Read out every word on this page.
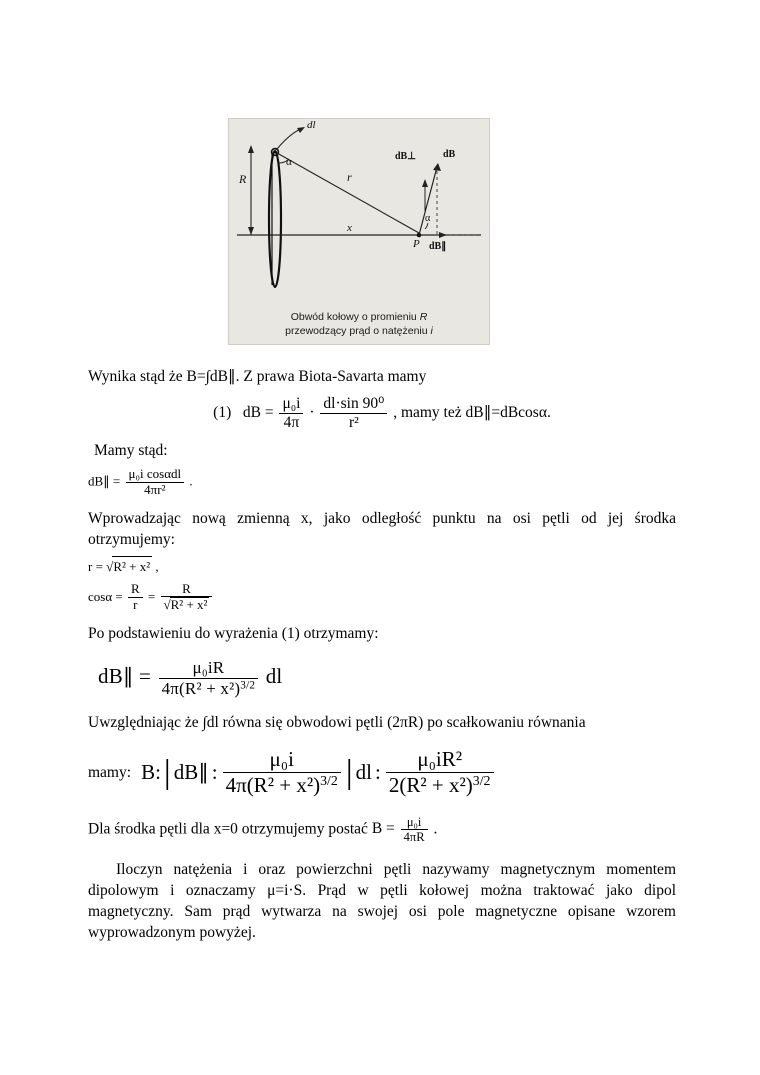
dl
α
R	r
x
P
dB⊥	dB
dB∥
α
Obwód kołowy o promieniu R
przewodzący prąd o natężeniu i

Wynika stąd że B=∫dB∥. Z prawa Biota-Savarta mamy

(1) dB = $\frac{\text{μ₀i}}{4\pi} \cdot \frac{\text{dl·sin 90⁰}}{\text{r²}}$ , mamy też dB∥=dBcosα.

Mamy stąd:

dB∥ = $\frac{\text{μ₀i cosαdl}}{\text{4πr²}}$ .

Wprowadzając nową zmienną x, jako odległość punktu na osi pętli od jej środka otrzymujemy:

r = √R² + x² ,
$\cos\alpha = \frac{R}{r} = \frac{R}{\text{√R² + x²}}$

Po podstawieniu do wyrażenia (1) otrzymamy:

dB∥ = $\frac{\text{μ₀iR}}{4\pi(R^2 + x^2)^{3/2}}$ dl

Uwzględniając że ∫dl równa się obwodowi pętli (2πR) po scałkowaniu równania

mamy: B: | dB∥ : $\frac{\text{μ₀i}}{4\pi(R^2 + x^2)^{3/2}}$ | dl : $\frac{\text{μ₀iR²}}{2(R^2 + x^2)^{3/2}}$

Dla środka pętli dla x=0 otrzymujemy postać $B = \frac{\text{μ₀i}}{4\pi R}$ .

Iloczyn natężenia i oraz powierzchni pętli nazywamy magnetycznym momentem dipolowym i oznaczamy μ=i·S. Prąd w pętli kołowej można traktować jako dipol magnetyczny. Sam prąd wytwarza na swojej osi pole magnetyczne opisane wzorem wyprowadzonym powyżej.
